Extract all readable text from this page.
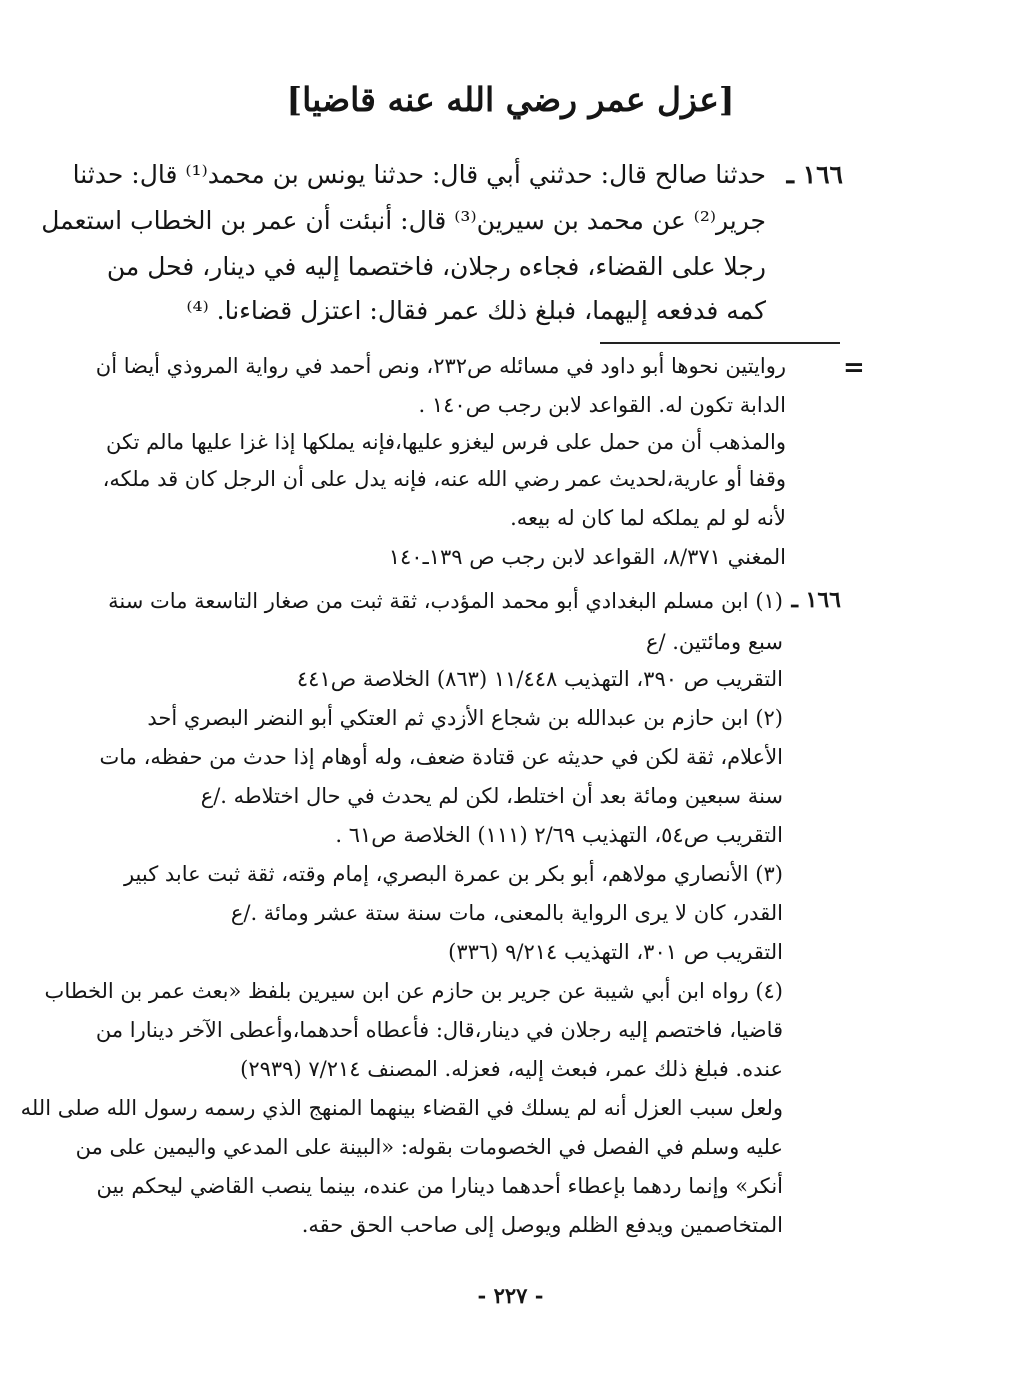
[عزل عمر رضي الله عنه قاضيا]
١٦٦ ـ

حدثنا صالح قال: حدثني أبي قال: حدثنا يونس بن محمد⁽¹⁾ قال: حدثنا

جرير⁽²⁾ عن محمد بن سيرين⁽³⁾ قال: أنبئت أن عمر بن الخطاب استعمل

رجلا على القضاء، فجاءه رجلان، فاختصما إليه في دينار، فحل من

كمه فدفعه إليهما، فبلغ ذلك عمر فقال: اعتزل قضاءنا. ⁽⁴⁾

=

روايتين نحوها أبو داود في مسائله ص٢٣٢، ونص أحمد في رواية المروذي أيضا أن

الدابة تكون له. القواعد لابن رجب ص١٤٠ .

والمذهب أن من حمل على فرس ليغزو عليها،فإنه يملكها إذا غزا عليها مالم تكن

وقفا أو عارية،لحديث عمر رضي الله عنه، فإنه يدل على أن الرجل كان قد ملكه،

لأنه لو لم يملكه لما كان له بيعه.

المغني ٨/٣٧١، القواعد لابن رجب ص ١٣٩ـ١٤٠

١٦٦ ـ

(١) ابن مسلم البغدادي أبو محمد المؤدب، ثقة ثبت من صغار التاسعة مات سنة

سبع ومائتين. /ع

التقريب ص ٣٩٠، التهذيب ١١/٤٤٨ (٨٦٣) الخلاصة ص٤٤١

(٢) ابن حازم بن عبدالله بن شجاع الأزدي ثم العتكي أبو النضر البصري أحد

الأعلام، ثقة لكن في حديثه عن قتادة ضعف، وله أوهام إذا حدث من حفظه، مات

سنة سبعين ومائة بعد أن اختلط، لكن لم يحدث في حال اختلاطه ./ع

التقريب ص٥٤، التهذيب ٢/٦٩ (١١١) الخلاصة ص٦١ .

(٣) الأنصاري مولاهم، أبو بكر بن عمرة البصري، إمام وقته، ثقة ثبت عابد كبير

القدر، كان لا يرى الرواية بالمعنى، مات سنة ستة عشر ومائة ./ع

التقريب ص ٣٠١، التهذيب ٩/٢١٤ (٣٣٦)

(٤) رواه ابن أبي شيبة عن جرير بن حازم عن ابن سيرين بلفظ «بعث عمر بن الخطاب

قاضيا، فاختصم إليه رجلان في دينار،قال: فأعطاه أحدهما،وأعطى الآخر دينارا من

عنده. فبلغ ذلك عمر، فبعث إليه، فعزله. المصنف ٧/٢١٤ (٢٩٣٩)

ولعل سبب العزل أنه لم يسلك في القضاء بينهما المنهج الذي رسمه رسول الله صلى الله

عليه وسلم في الفصل في الخصومات بقوله: «البينة على المدعي واليمين على من

أنكر» وإنما ردهما بإعطاء أحدهما دينارا من عنده، بينما ينصب القاضي ليحكم بين

المتخاصمين ويدفع الظلم ويوصل إلى صاحب الحق حقه.

- ٢٢٧ -
